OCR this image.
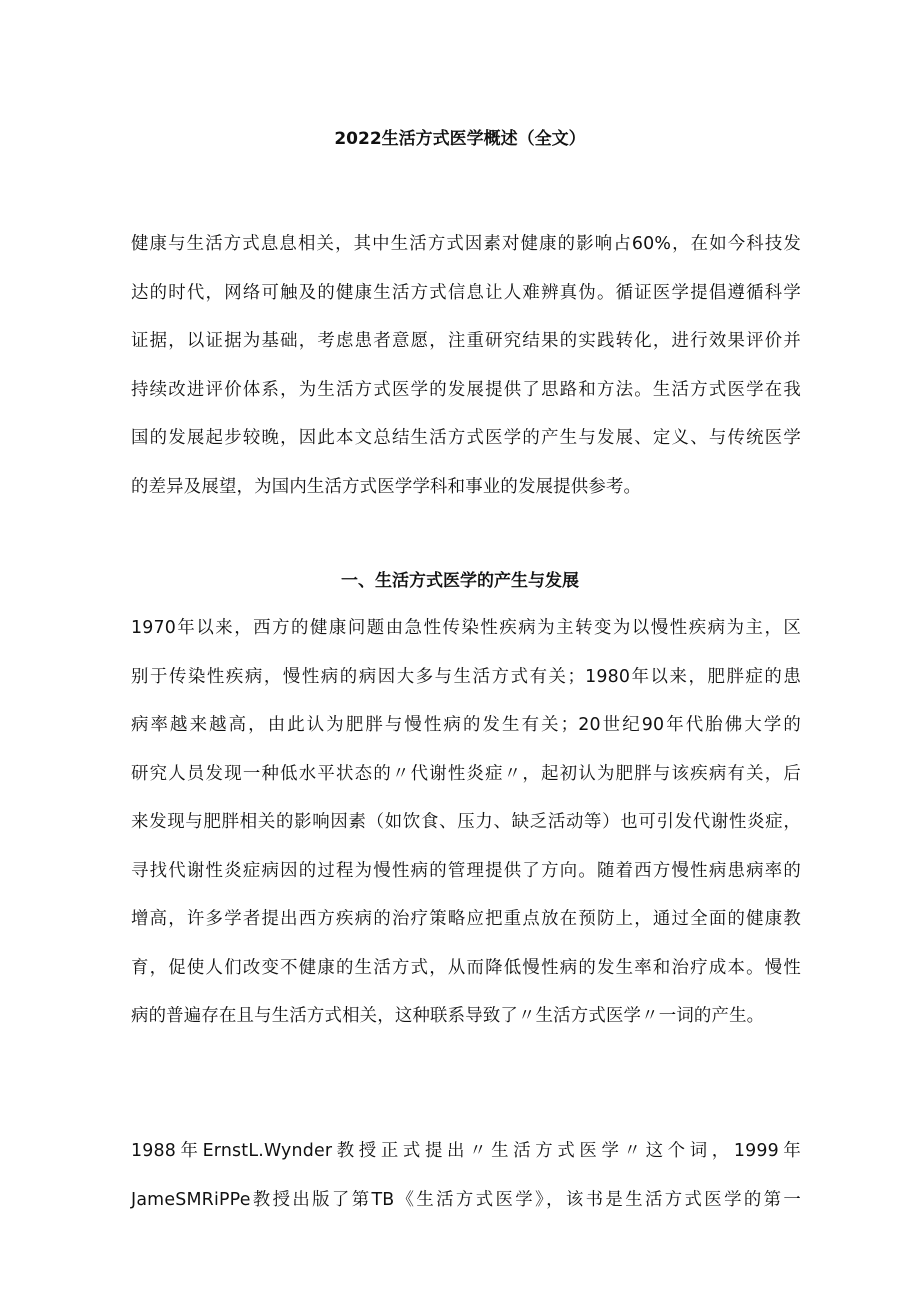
2022生活方式医学概述（全文）
健康与生活方式息息相关，其中生活方式因素对健康的影响占60%，在如今科技发
达的时代，网络可触及的健康生活方式信息让人难辨真伪。循证医学提倡遵循科学
证据，以证据为基础，考虑患者意愿，注重研究结果的实践转化，进行效果评价并
持续改进评价体系，为生活方式医学的发展提供了思路和方法。生活方式医学在我
国的发展起步较晚，因此本文总结生活方式医学的产生与发展、定义、与传统医学
的差异及展望，为国内生活方式医学学科和事业的发展提供参考。
一、生活方式医学的产生与发展
1970年以来，西方的健康问题由急性传染性疾病为主转变为以慢性疾病为主，区
别于传染性疾病，慢性病的病因大多与生活方式有关；1980年以来，肥胖症的患
病率越来越高，由此认为肥胖与慢性病的发生有关；20世纪90年代胎佛大学的
研究人员发现一种低水平状态的〃代谢性炎症〃，起初认为肥胖与该疾病有关，后
来发现与肥胖相关的影响因素（如饮食、压力、缺乏活动等）也可引发代谢性炎症，
寻找代谢性炎症病因的过程为慢性病的管理提供了方向。随着西方慢性病患病率的
增高，许多学者提出西方疾病的治疗策略应把重点放在预防上，通过全面的健康教
育，促使人们改变不健康的生活方式，从而降低慢性病的发生率和治疗成本。慢性
病的普遍存在且与生活方式相关，这种联系导致了〃生活方式医学〃一词的产生。
1988年ErnstL.Wynder教授正式提出〃生活方式医学〃这个词，1999年
JameSMRiPPe教授出版了第TB《生活方式医学》，该书是生活方式医学的第一
